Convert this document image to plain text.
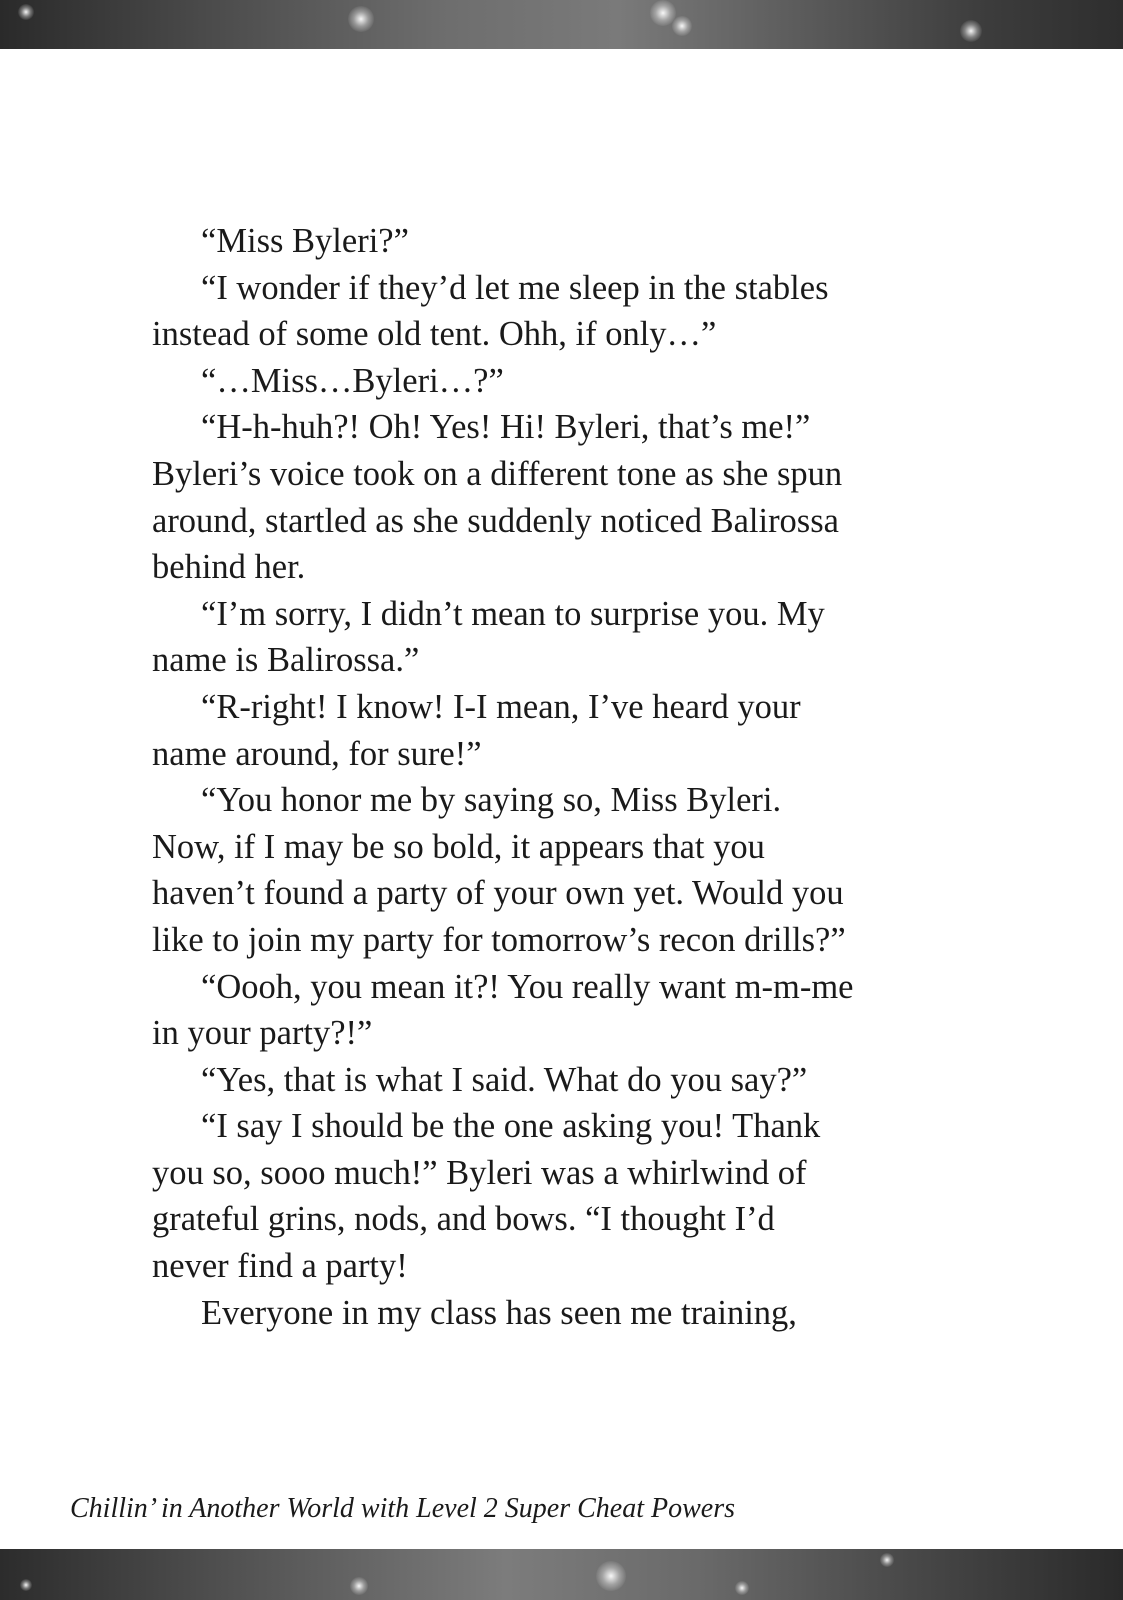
“Miss Byleri?”
“I wonder if they’d let me sleep in the stables
instead of some old tent. Ohh, if only…”
“…Miss…Byleri…?”
“H-h-huh?! Oh! Yes! Hi! Byleri, that’s me!”
Byleri’s voice took on a different tone as she spun
around, startled as she suddenly noticed Balirossa
behind her.
“I’m sorry, I didn’t mean to surprise you. My
name is Balirossa.”
“R-right! I know! I-I mean, I’ve heard your
name around, for sure!”
“You honor me by saying so, Miss Byleri.
Now, if I may be so bold, it appears that you
haven’t found a party of your own yet. Would you
like to join my party for tomorrow’s recon drills?”
“Oooh, you mean it?! You really want m-m-me
in your party?!”
“Yes, that is what I said. What do you say?”
“I say I should be the one asking you! Thank
you so, sooo much!” Byleri was a whirlwind of
grateful grins, nods, and bows. “I thought I’d
never find a party!
Everyone in my class has seen me training,
Chillin’ in Another World with Level 2 Super Cheat Powers
